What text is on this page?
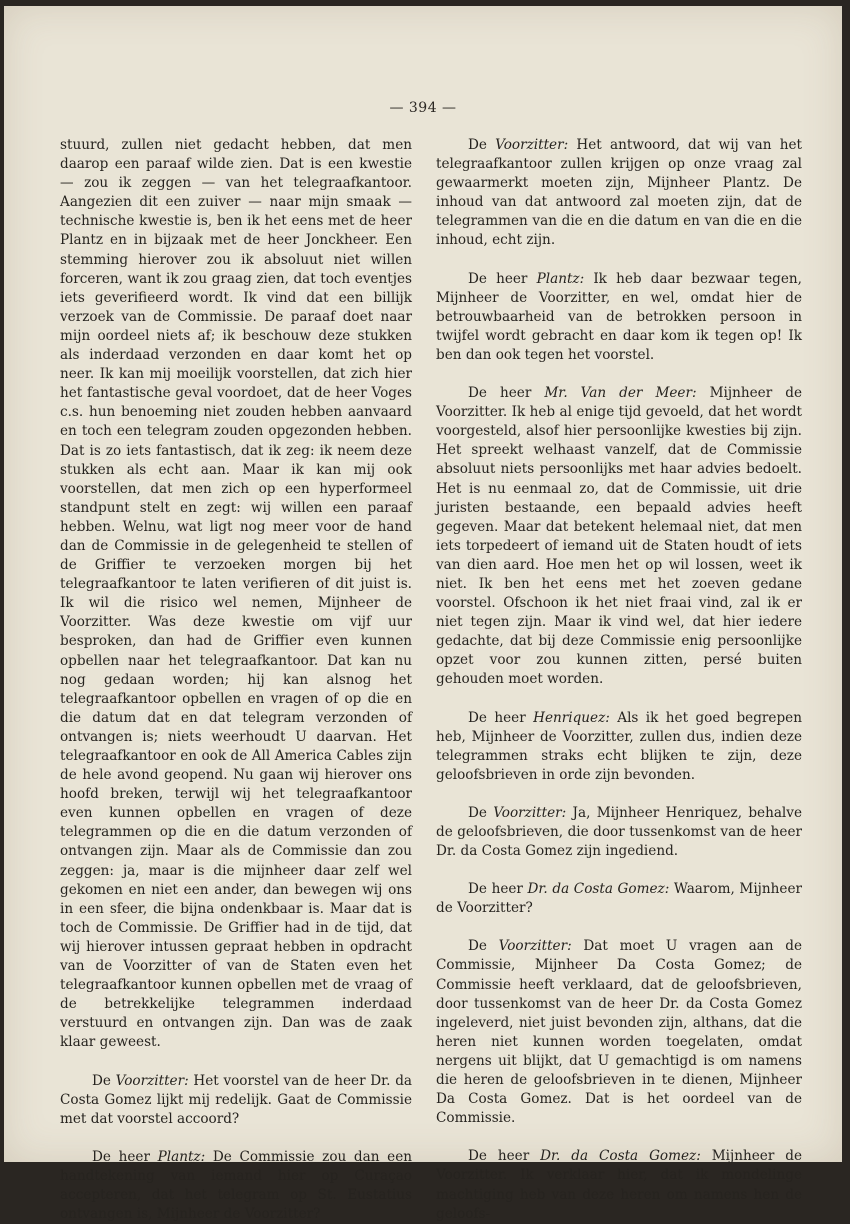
— 394 —

stuurd, zullen niet gedacht hebben, dat men daarop een paraaf wilde zien. Dat is een kwestie — zou ik zeggen — van het telegraafkantoor. Aangezien dit een zuiver — naar mijn smaak — technische kwestie is, ben ik het eens met de heer Plantz en in bijzaak met de heer Jonckheer. Een stemming hierover zou ik absoluut niet willen forceren, want ik zou graag zien, dat toch eventjes iets geverifieerd wordt. Ik vind dat een billijk verzoek van de Commissie. De paraaf doet naar mijn oordeel niets af; ik beschouw deze stukken als inderdaad verzonden en daar komt het op neer. Ik kan mij moeilijk voorstellen, dat zich hier het fantastische geval voordoet, dat de heer Voges c.s. hun benoeming niet zouden hebben aanvaard en toch een telegram zouden opgezonden hebben. Dat is zo iets fantastisch, dat ik zeg: ik neem deze stukken als echt aan. Maar ik kan mij ook voorstellen, dat men zich op een hyperformeel standpunt stelt en zegt: wij willen een paraaf hebben. Welnu, wat ligt nog meer voor de hand dan de Commissie in de gelegenheid te stellen of de Griffier te verzoeken morgen bij het telegraafkantoor te laten verifieren of dit juist is. Ik wil die risico wel nemen, Mijnheer de Voorzitter. Was deze kwestie om vijf uur besproken, dan had de Griffier even kunnen opbellen naar het telegraafkantoor. Dat kan nu nog gedaan worden; hij kan alsnog het telegraafkantoor opbellen en vragen of op die en die datum dat en dat telegram verzonden of ontvangen is; niets weerhoudt U daarvan. Het telegraafkantoor en ook de All America Cables zijn de hele avond geopend. Nu gaan wij hierover ons hoofd breken, terwijl wij het telegraafkantoor even kunnen opbellen en vragen of deze telegrammen op die en die datum verzonden of ontvangen zijn. Maar als de Commissie dan zou zeggen: ja, maar is die mijnheer daar zelf wel gekomen en niet een ander, dan bewegen wij ons in een sfeer, die bijna ondenkbaar is. Maar dat is toch de Commissie. De Griffier had in de tijd, dat wij hierover intussen gepraat hebben in opdracht van de Voorzitter of van de Staten even het telegraafkantoor kunnen opbellen met de vraag of de betrekkelijke telegrammen inderdaad verstuurd en ontvangen zijn. Dan was de zaak klaar geweest.

De Voorzitter: Het voorstel van de heer Dr. da Costa Gomez lijkt mij redelijk. Gaat de Commissie met dat voorstel accoord?

De heer Plantz: De Commissie zou dan een handtekening van iemand hier op Curaçao accepteren, dat het telegram op St. Eustatius ontvangen is, Mijnheer de Voorzitter?

De Voorzitter: Het antwoord, dat wij van het telegraafkantoor zullen krijgen op onze vraag zal gewaarmerkt moeten zijn, Mijnheer Plantz. De inhoud van dat antwoord zal moeten zijn, dat de telegrammen van die en die datum en van die en die inhoud, echt zijn.

De heer Plantz: Ik heb daar bezwaar tegen, Mijnheer de Voorzitter, en wel, omdat hier de betrouwbaarheid van de betrokken persoon in twijfel wordt gebracht en daar kom ik tegen op! Ik ben dan ook tegen het voorstel.

De heer Mr. Van der Meer: Mijnheer de Voorzitter. Ik heb al enige tijd gevoeld, dat het wordt voorgesteld, alsof hier persoonlijke kwesties bij zijn. Het spreekt welhaast vanzelf, dat de Commissie absoluut niets persoonlijks met haar advies bedoelt. Het is nu eenmaal zo, dat de Commissie, uit drie juristen bestaande, een bepaald advies heeft gegeven. Maar dat betekent helemaal niet, dat men iets torpedeert of iemand uit de Staten houdt of iets van dien aard. Hoe men het op wil lossen, weet ik niet. Ik ben het eens met het zoeven gedane voorstel. Ofschoon ik het niet fraai vind, zal ik er niet tegen zijn. Maar ik vind wel, dat hier iedere gedachte, dat bij deze Commissie enig persoonlijke opzet voor zou kunnen zitten, persé buiten gehouden moet worden.

De heer Henriquez: Als ik het goed begrepen heb, Mijnheer de Voorzitter, zullen dus, indien deze telegrammen straks echt blijken te zijn, deze geloofsbrieven in orde zijn bevonden.

De Voorzitter: Ja, Mijnheer Henriquez, behalve de geloofsbrieven, die door tussenkomst van de heer Dr. da Costa Gomez zijn ingediend.

De heer Dr. da Costa Gomez: Waarom, Mijnheer de Voorzitter?

De Voorzitter: Dat moet U vragen aan de Commissie, Mijnheer Da Costa Gomez; de Commissie heeft verklaard, dat de geloofsbrieven, door tussenkomst van de heer Dr. da Costa Gomez ingeleverd, niet juist bevonden zijn, althans, dat die heren niet kunnen worden toegelaten, omdat nergens uit blijkt, dat U gemachtigd is om namens die heren de geloofsbrieven in te dienen, Mijnheer Da Costa Gomez. Dat is het oordeel van de Commissie.

De heer Dr. da Costa Gomez: Mijnheer de Voorzitter. Ik verklaar hier, dat ik mondelinge machtiging heb van deze heren om namens hen de geloofs-
